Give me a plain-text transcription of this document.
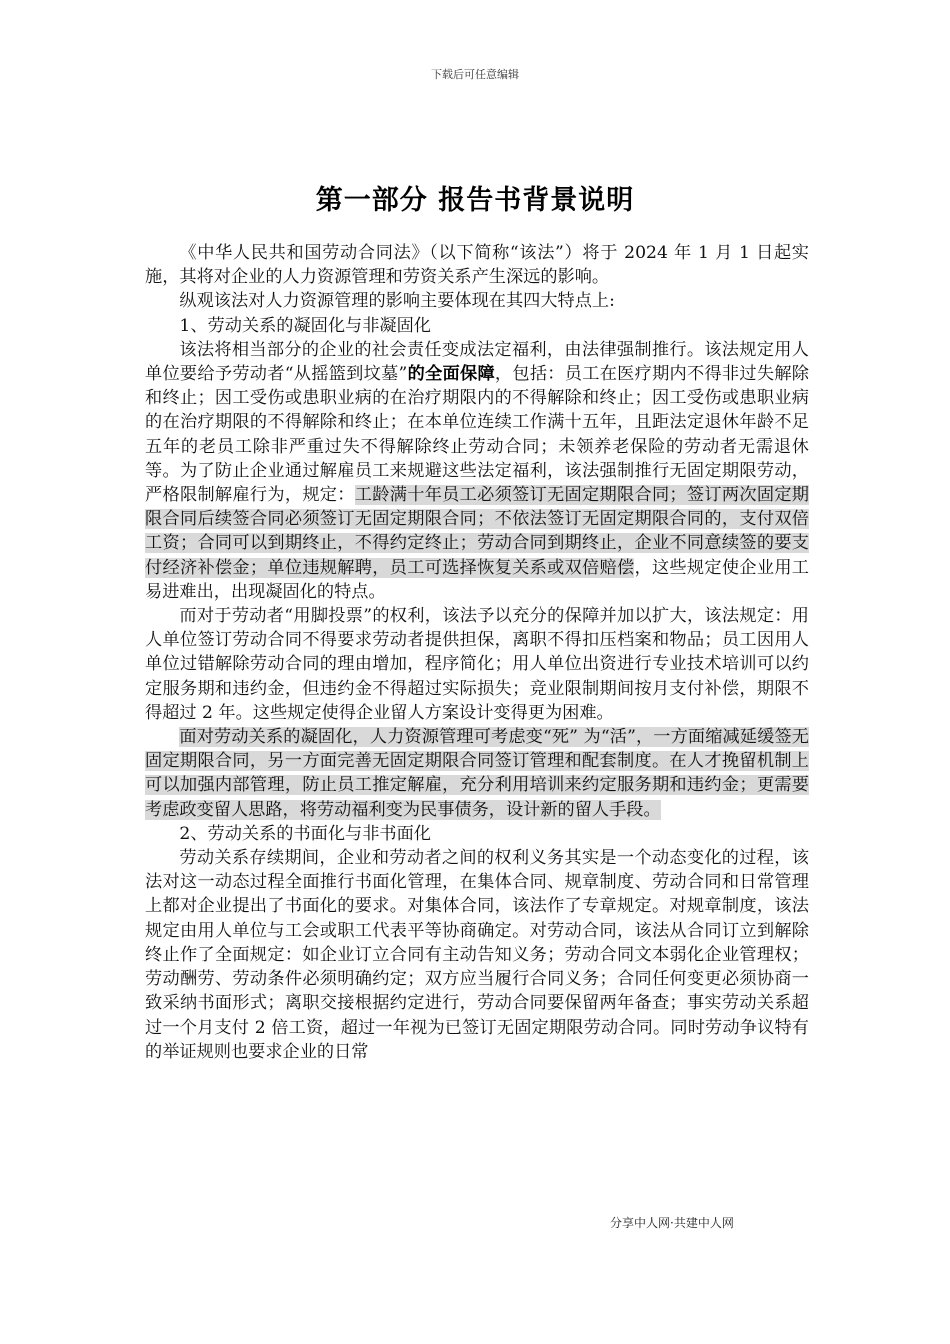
下载后可任意编辑
第一部分 报告书背景说明

《中华人民共和国劳动合同法》（以下简称“该法”）将于 2024 年 1 月 1 日起实施，其将对企业的人力资源管理和劳资关系产生深远的影响。

纵观该法对人力资源管理的影响主要体现在其四大特点上:

1、劳动关系的凝固化与非凝固化

该法将相当部分的企业的社会责任变成法定福利，由法律强制推行。该法规定用人单位要给予劳动者“从摇篮到坟墓”的全面保障，包括：员工在医疗期内不得非过失解除和终止；因工受伤或患职业病的在治疗期限内的不得解除和终止；因工受伤或患职业病的在治疗期限的不得解除和终止；在本单位连续工作满十五年，且距法定退休年龄不足五年的老员工除非严重过失不得解除终止劳动合同；未领养老保险的劳动者无需退休等。为了防止企业通过解雇员工来规避这些法定福利，该法强制推行无固定期限劳动，严格限制解雇行为，规定：工龄满十年员工必须签订无固定期限合同；签订两次固定期限合同后续签合同必须签订无固定期限合同；不依法签订无固定期限合同的，支付双倍工资；合同可以到期终止，不得约定终止；劳动合同到期终止，企业不同意续签的要支付经济补偿金；单位违规解聘，员工可选择恢复关系或双倍赔偿，这些规定使企业用工易进难出，出现凝固化的特点。

而对于劳动者“用脚投票”的权利，该法予以充分的保障并加以扩大，该法规定：用人单位签订劳动合同不得要求劳动者提供担保，离职不得扣压档案和物品；员工因用人单位过错解除劳动合同的理由增加，程序简化；用人单位出资进行专业技术培训可以约定服务期和违约金，但违约金不得超过实际损失；竞业限制期间按月支付补偿，期限不得超过 2 年。这些规定使得企业留人方案设计变得更为困难。

面对劳动关系的凝固化，人力资源管理可考虑变“死” 为“活”，一方面缩减延缓签无固定期限合同，另一方面完善无固定期限合同签订管理和配套制度。在人才挽留机制上可以加强内部管理，防止员工推定解雇，充分利用培训来约定服务期和违约金；更需要考虑政变留人思路，将劳动福利变为民事债务，设计新的留人手段。

2、劳动关系的书面化与非书面化

劳动关系存续期间，企业和劳动者之间的权利义务其实是一个动态变化的过程，该法对这一动态过程全面推行书面化管理，在集体合同、规章制度、劳动合同和日常管理上都对企业提出了书面化的要求。对集体合同，该法作了专章规定。对规章制度，该法规定由用人单位与工会或职工代表平等协商确定。对劳动合同，该法从合同订立到解除终止作了全面规定：如企业订立合同有主动告知义务；劳动合同文本弱化企业管理权；劳动酬劳、劳动条件必须明确约定；双方应当履行合同义务；合同任何变更必须协商一致采纳书面形式；离职交接根据约定进行，劳动合同要保留两年备查；事实劳动关系超过一个月支付 2 倍工资，超过一年视为已签订无固定期限劳动合同。同时劳动争议特有的举证规则也要求企业的日常

分享中人网·共建中人网
